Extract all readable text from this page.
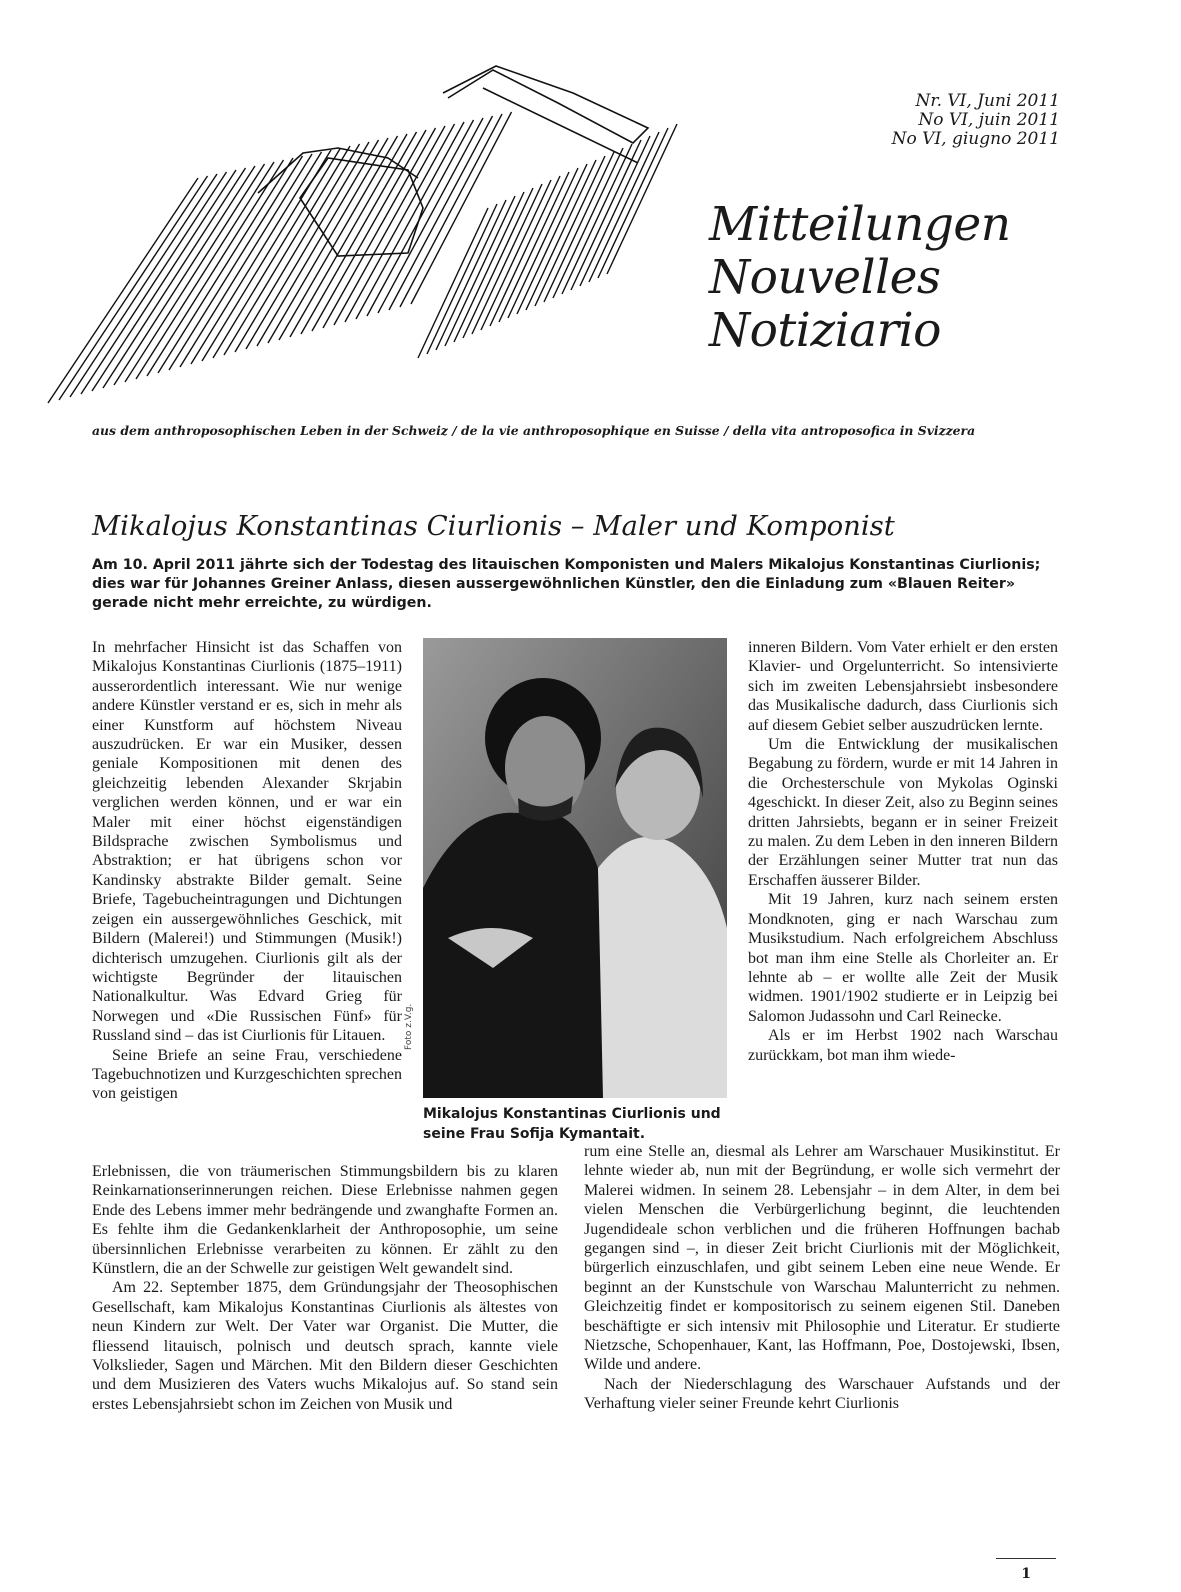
Nr. VI, Juni 2011
No VI, juin 2011
No VI, giugno 2011
Mitteilungen
Nouvelles
Notiziario
aus dem anthroposophischen Leben in der Schweiz / de la vie anthroposophique en Suisse / della vita antroposofica in Svizzera
Mikalojus Konstantinas Ciurlionis – Maler und Komponist
Am 10. April 2011 jährte sich der Todestag des litauischen Komponisten und Malers Mikalojus Konstantinas Ciurlionis; dies war für Johannes Greiner Anlass, diesen aussergewöhnlichen Künstler, den die Einladung zum «Blauen Reiter» gerade nicht mehr erreichte, zu würdigen.

In mehrfacher Hinsicht ist das Schaffen von Mikalojus Konstantinas Ciurlionis (1875–1911) ausserordentlich interessant. Wie nur wenige andere Künstler verstand er es, sich in mehr als einer Kunstform auf höchstem Niveau auszudrücken. Er war ein Musiker, dessen geniale Kompositionen mit denen des gleichzeitig lebenden Alexander Skrjabin verglichen werden können, und er war ein Maler mit einer höchst eigenständigen Bildsprache zwischen Symbolismus und Abstraktion; er hat übrigens schon vor Kandinsky abstrakte Bilder gemalt. Seine Briefe, Tagebucheintragungen und Dichtungen zeigen ein aussergewöhnliches Geschick, mit Bildern (Malerei!) und Stimmungen (Musik!) dichterisch umzugehen. Ciurlionis gilt als der wichtigste Begründer der litauischen Nationalkultur. Was Edvard Grieg für Norwegen und «Die Russischen Fünf» für Russland sind – das ist Ciurlionis für Litauen.

Seine Briefe an seine Frau, verschiedene Tagebuchnotizen und Kurzgeschichten sprechen von geistigen

Foto z.V.g.
Mikalojus Konstantinas Ciurlionis und seine Frau Sofija Kymantait.

inneren Bildern. Vom Vater erhielt er den ersten Klavier- und Orgelunterricht. So intensivierte sich im zweiten Lebensjahrsiebt insbesondere das Musikalische dadurch, dass Ciurlionis sich auf diesem Gebiet selber auszudrücken lernte.

Um die Entwicklung der musikalischen Begabung zu fördern, wurde er mit 14 Jahren in die Orchesterschule von Mykolas Oginski 4geschickt. In dieser Zeit, also zu Beginn seines dritten Jahrsiebts, begann er in seiner Freizeit zu malen. Zu dem Leben in den inneren Bildern der Erzählungen seiner Mutter trat nun das Erschaffen äusserer Bilder.

Mit 19 Jahren, kurz nach seinem ersten Mondknoten, ging er nach Warschau zum Musikstudium. Nach erfolgreichem Abschluss bot man ihm eine Stelle als Chorleiter an. Er lehnte ab – er wollte alle Zeit der Musik widmen. 1901/1902 studierte er in Leipzig bei Salomon Judassohn und Carl Reinecke.

Als er im Herbst 1902 nach Warschau zurückkam, bot man ihm wiede-

Erlebnissen, die von träumerischen Stimmungsbildern bis zu klaren Reinkarnationserinnerungen reichen. Diese Erlebnisse nahmen gegen Ende des Lebens immer mehr bedrängende und zwanghafte Formen an. Es fehlte ihm die Gedankenklarheit der Anthroposophie, um seine übersinnlichen Erlebnisse verarbeiten zu können. Er zählt zu den Künstlern, die an der Schwelle zur geistigen Welt gewandelt sind.

Am 22. September 1875, dem Gründungsjahr der Theosophischen Gesellschaft, kam Mikalojus Konstantinas Ciurlionis als ältestes von neun Kindern zur Welt. Der Vater war Organist. Die Mutter, die fliessend litauisch, polnisch und deutsch sprach, kannte viele Volkslieder, Sagen und Märchen. Mit den Bildern dieser Geschichten und dem Musizieren des Vaters wuchs Mikalojus auf. So stand sein erstes Lebensjahrsiebt schon im Zeichen von Musik und

rum eine Stelle an, diesmal als Lehrer am Warschauer Musikinstitut. Er lehnte wieder ab, nun mit der Begründung, er wolle sich vermehrt der Malerei widmen. In seinem 28. Lebensjahr – in dem Alter, in dem bei vielen Menschen die Verbürgerlichung beginnt, die leuchtenden Jugendideale schon verblichen und die früheren Hoffnungen bachab gegangen sind –, in dieser Zeit bricht Ciurlionis mit der Möglichkeit, bürgerlich einzuschlafen, und gibt seinem Leben eine neue Wende. Er beginnt an der Kunstschule von Warschau Malunterricht zu nehmen. Gleichzeitig findet er kompositorisch zu seinem eigenen Stil. Daneben beschäftigte er sich intensiv mit Philosophie und Literatur. Er studierte Nietzsche, Schopenhauer, Kant, las Hoffmann, Poe, Dostojewski, Ibsen, Wilde und andere.

Nach der Niederschlagung des Warschauer Aufstands und der Verhaftung vieler seiner Freunde kehrt Ciurlionis

1
